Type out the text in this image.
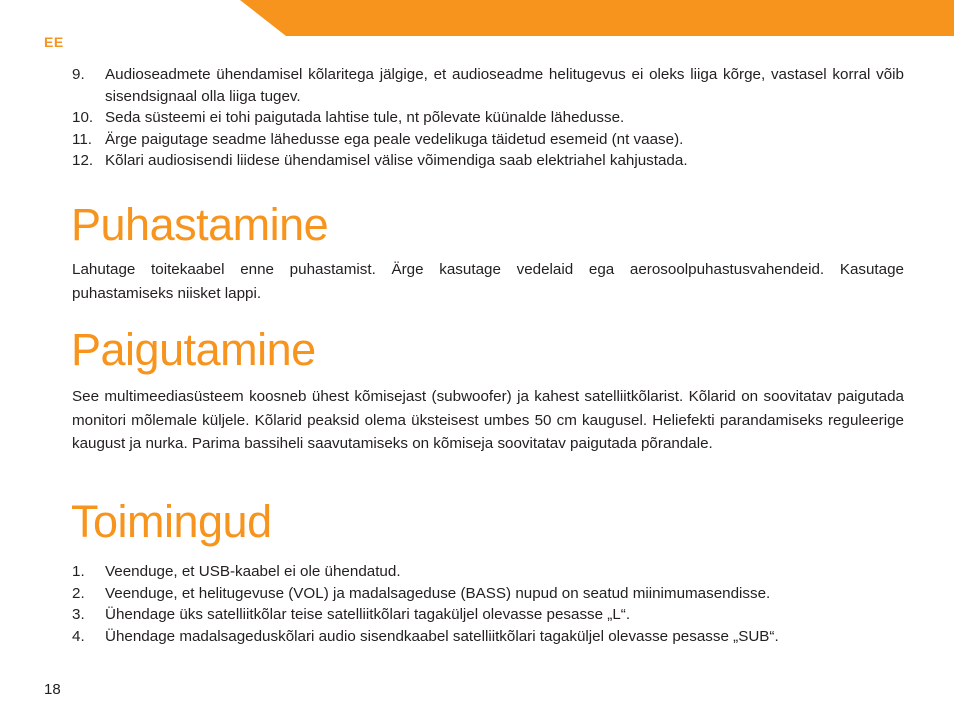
EE
9.	Audioseadmete ühendamisel kõlaritega jälgige, et audioseadme helitugevus ei oleks liiga kõrge, vastasel korral võib sisendsignaal olla liiga tugev.
10. Seda süsteemi ei tohi paigutada lahtise tule, nt põlevate küünalde lähedusse.
11. Ärge paigutage seadme lähedusse ega peale vedelikuga täidetud esemeid (nt vaase).
12. Kõlari audiosisendi liidese ühendamisel välise võimendiga saab elektriahel kahjustada.
Puhastamine

Lahutage toitekaabel enne puhastamist. Ärge kasutage vedelaid ega aerosoolpuhastusvahendeid. Kasutage puhastamiseks niisket lappi.

Paigutamine

See multimeediasüsteem koosneb ühest kõmisejast (subwoofer) ja kahest satelliitkõlarist. Kõlarid on soovitatav paigutada monitori mõlemale küljele. Kõlarid peaksid olema üksteisest umbes 50 cm kaugusel. Heliefekti parandamiseks reguleerige kaugust ja nurka. Parima bassiheli saavutamiseks on kõmiseja soovitatav paigutada põrandale.

Toimingud
1.	Veenduge, et USB-kaabel ei ole ühendatud.
2.	Veenduge, et helitugevuse (VOL) ja madalsageduse (BASS) nupud on seatud miinimumasendisse.
3.	Ühendage üks satelliitkõlar teise satelliitkõlari tagaküljel olevasse pesasse „L“.
4.	Ühendage madalsageduskõlari audio sisendkaabel satelliitkõlari tagaküljel olevasse pesasse „SUB“.
18
